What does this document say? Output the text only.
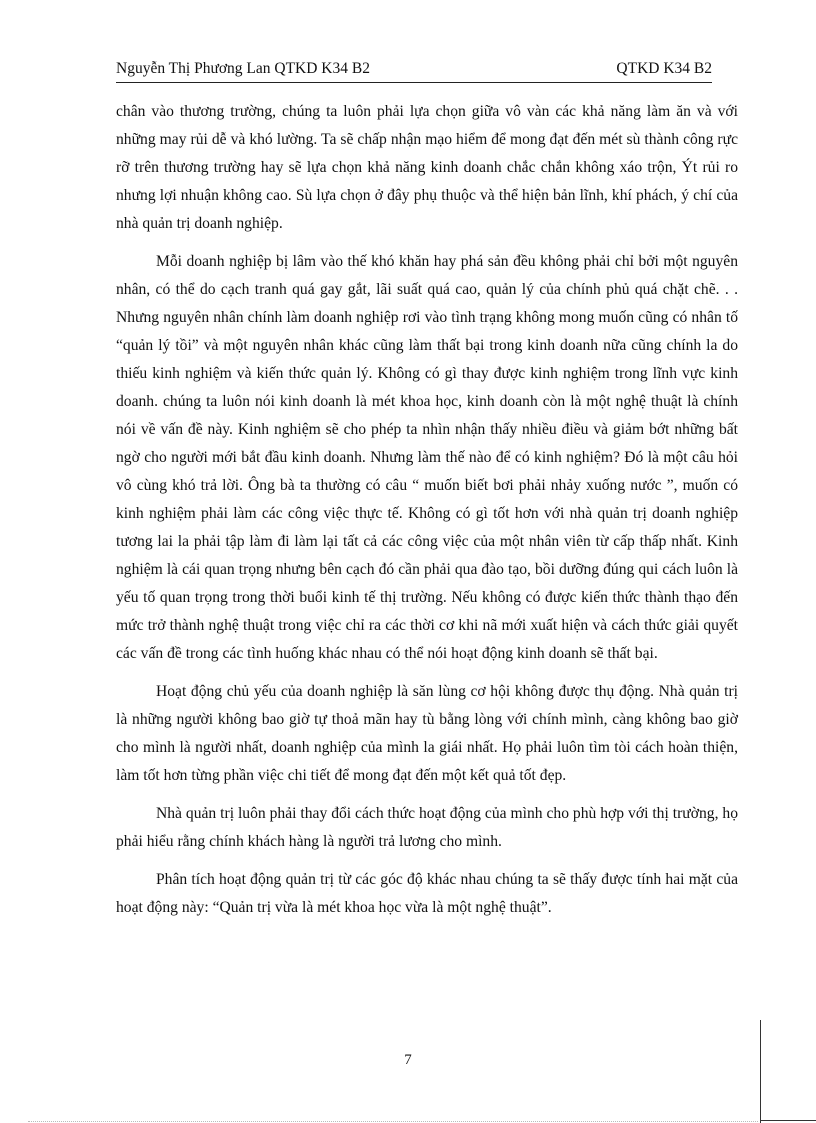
Nguyễn Thị Phương Lan QTKD K34 B2	QTKD K34 B2

chân vào thương trường, chúng ta luôn phải lựa chọn giữa vô vàn các khả năng làm ăn và với những may rủi dễ và khó lường. Ta sẽ chấp nhận mạo hiểm để mong đạt đến mét sù thành công rực rỡ trên thương trường hay sẽ lựa chọn khả năng kinh doanh chắc chắn không xáo trộn, Ýt rủi ro nhưng lợi nhuận không cao. Sù lựa chọn ở đây phụ thuộc và thể hiện bản lĩnh, khí phách, ý chí của nhà quản trị doanh nghiệp.

Mỗi doanh nghiệp bị lâm vào thế khó khăn hay phá sản đều không phải chỉ bởi một nguyên nhân, có thể do cạch tranh quá gay gắt, lãi suất quá cao, quản lý của chính phủ quá chặt chẽ. . . Nhưng nguyên nhân chính làm doanh nghiệp rơi vào tình trạng không mong muốn cũng có nhân tố “quản lý tồi” và một nguyên nhân khác cũng làm thất bại trong kinh doanh nữa cũng chính la do thiếu kinh nghiệm và kiến thức quản lý. Không có gì thay được kinh nghiệm trong lĩnh vực kinh doanh. chúng ta luôn nói kinh doanh là mét khoa học, kinh doanh còn là một nghệ thuật là chính nói về vấn đề này. Kinh nghiệm sẽ cho phép ta nhìn nhận thấy nhiều điều và giảm bớt những bất ngờ cho người mới bắt đầu kinh doanh. Nhưng làm thế nào để có kinh nghiệm? Đó là một câu hỏi vô cùng khó trả lời. Ông bà ta thường có câu “ muốn biết bơi phải nhảy xuống nước ”, muốn có kinh nghiệm phải làm các công việc thực tế. Không có gì tốt hơn với nhà quản trị doanh nghiệp tương lai la phải tập làm đi làm lại tất cả các công việc của một nhân viên từ cấp thấp nhất. Kinh nghiệm là cái quan trọng nhưng bên cạch đó cần phải qua đào tạo, bồi dưỡng đúng qui cách luôn là yếu tố quan trọng trong thời buổi kinh tế thị trường. Nếu không có được kiến thức thành thạo đến mức trở thành nghệ thuật trong việc chỉ ra các thời cơ khi nã mới xuất hiện và cách thức giải quyết các vấn đề trong các tình huống khác nhau có thể nói hoạt động kinh doanh sẽ thất bại.

Hoạt động chủ yếu của doanh nghiệp là săn lùng cơ hội không được thụ động. Nhà quản trị là những người không bao giờ tự thoả mãn hay tù bằng lòng với chính mình, càng không bao giờ cho mình là người nhất, doanh nghiệp của mình la giái nhất. Họ phải luôn tìm tòi cách hoàn thiện, làm tốt hơn từng phần việc chi tiết để mong đạt đến một kết quả tốt đẹp.

Nhà quản trị luôn phải thay đổi cách thức hoạt động của mình cho phù hợp với thị trường, họ phải hiểu rằng chính khách hàng là người trả lương cho mình.

Phân tích hoạt động quản trị từ các góc độ khác nhau chúng ta sẽ thấy được tính hai mặt của hoạt động này: “Quản trị vừa là mét khoa học vừa là một nghệ thuật”.

7
